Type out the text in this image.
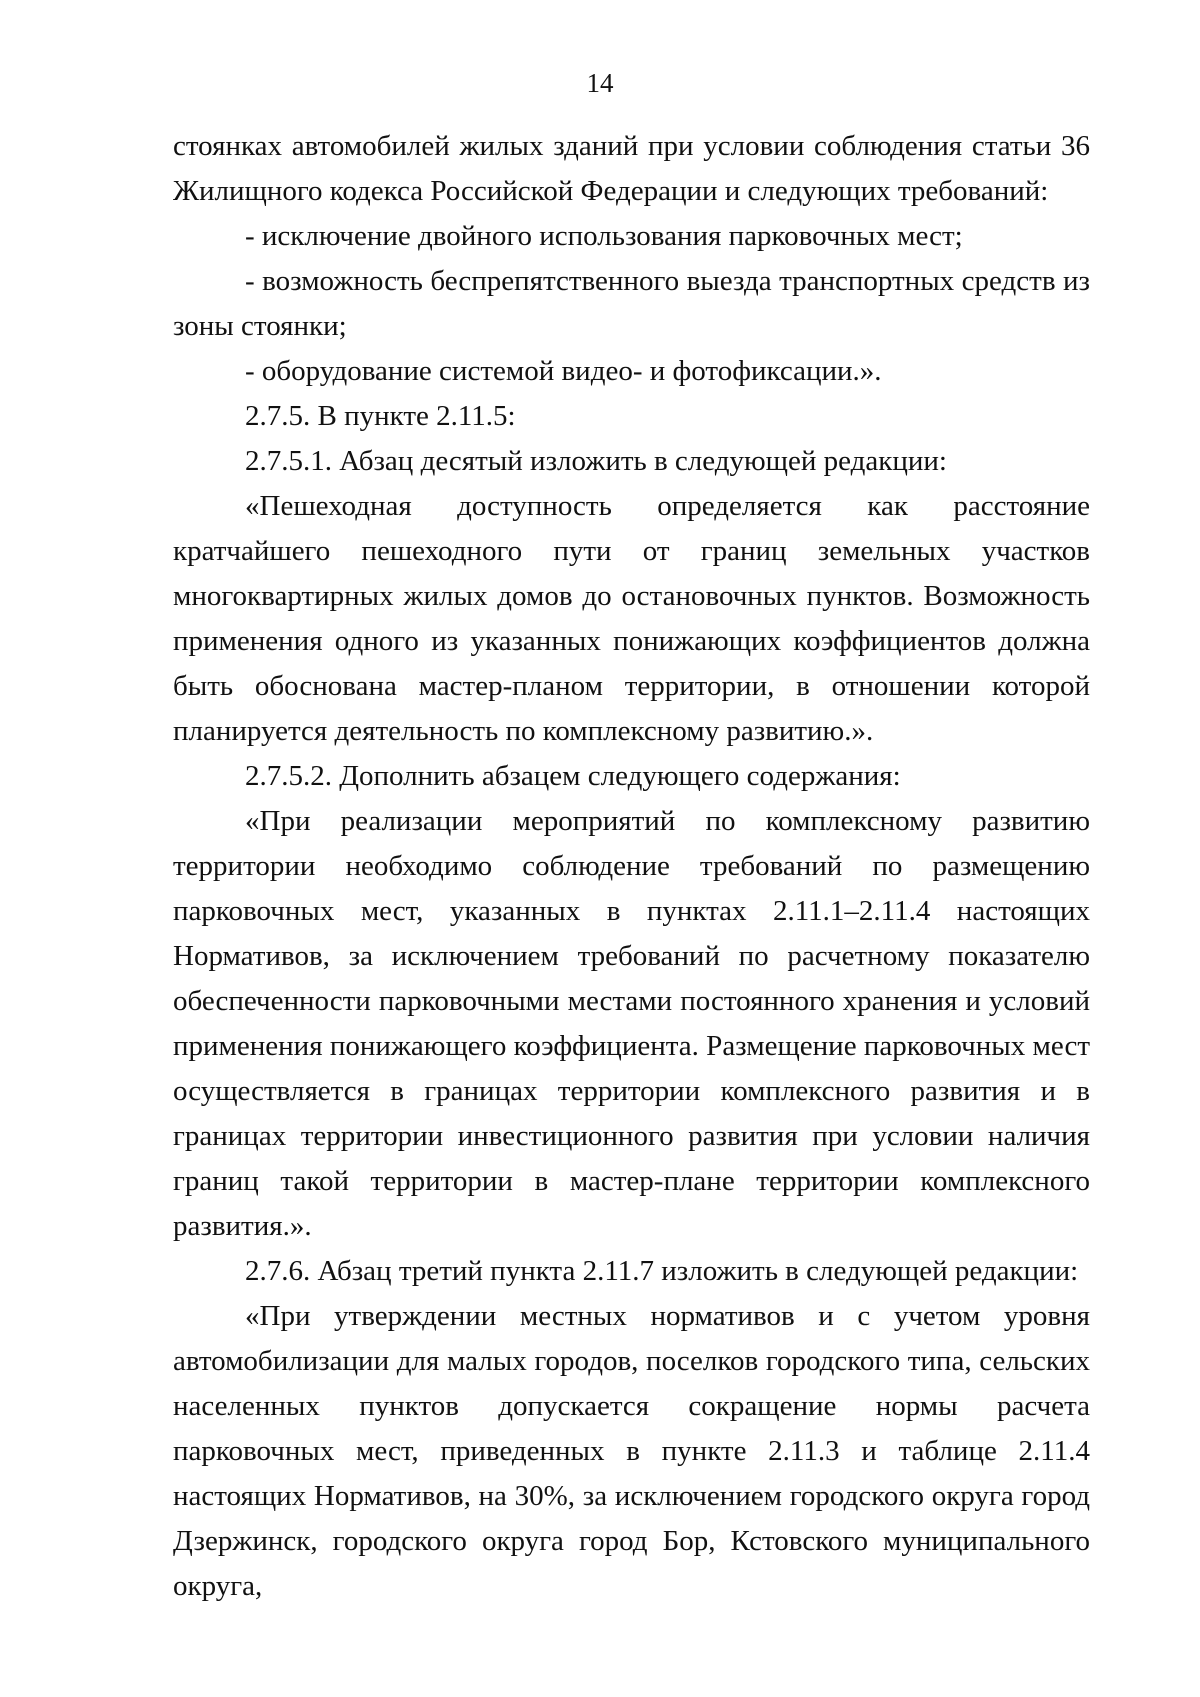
14

стоянках автомобилей жилых зданий при условии соблюдения статьи 36 Жилищного кодекса Российской Федерации и следующих требований:

- исключение двойного использования парковочных мест;

- возможность беспрепятственного выезда транспортных средств из зоны стоянки;

- оборудование системой видео- и фотофиксации.».

2.7.5. В пункте 2.11.5:

2.7.5.1. Абзац десятый изложить в следующей редакции:

«Пешеходная доступность определяется как расстояние кратчайшего пешеходного пути от границ земельных участков многоквартирных жилых домов до остановочных пунктов. Возможность применения одного из указанных понижающих коэффициентов должна быть обоснована мастер-планом территории, в отношении которой планируется деятельность по комплексному развитию.».

2.7.5.2. Дополнить абзацем следующего содержания:

«При реализации мероприятий по комплексному развитию территории необходимо соблюдение требований по размещению парковочных мест, указанных в пунктах 2.11.1–2.11.4 настоящих Нормативов, за исключением требований по расчетному показателю обеспеченности парковочными местами постоянного хранения и условий применения понижающего коэффициента. Размещение парковочных мест осуществляется в границах территории комплексного развития и в границах территории инвестиционного развития при условии наличия границ такой территории в мастер-плане территории комплексного развития.».

2.7.6. Абзац третий пункта 2.11.7 изложить в следующей редакции:

«При утверждении местных нормативов и с учетом уровня автомобилизации для малых городов, поселков городского типа, сельских населенных пунктов допускается сокращение нормы расчета парковочных мест, приведенных в пункте 2.11.3 и таблице 2.11.4 настоящих Нормативов, на 30%, за исключением городского округа город Дзержинск, городского округа город Бор, Кстовского муниципального округа,
